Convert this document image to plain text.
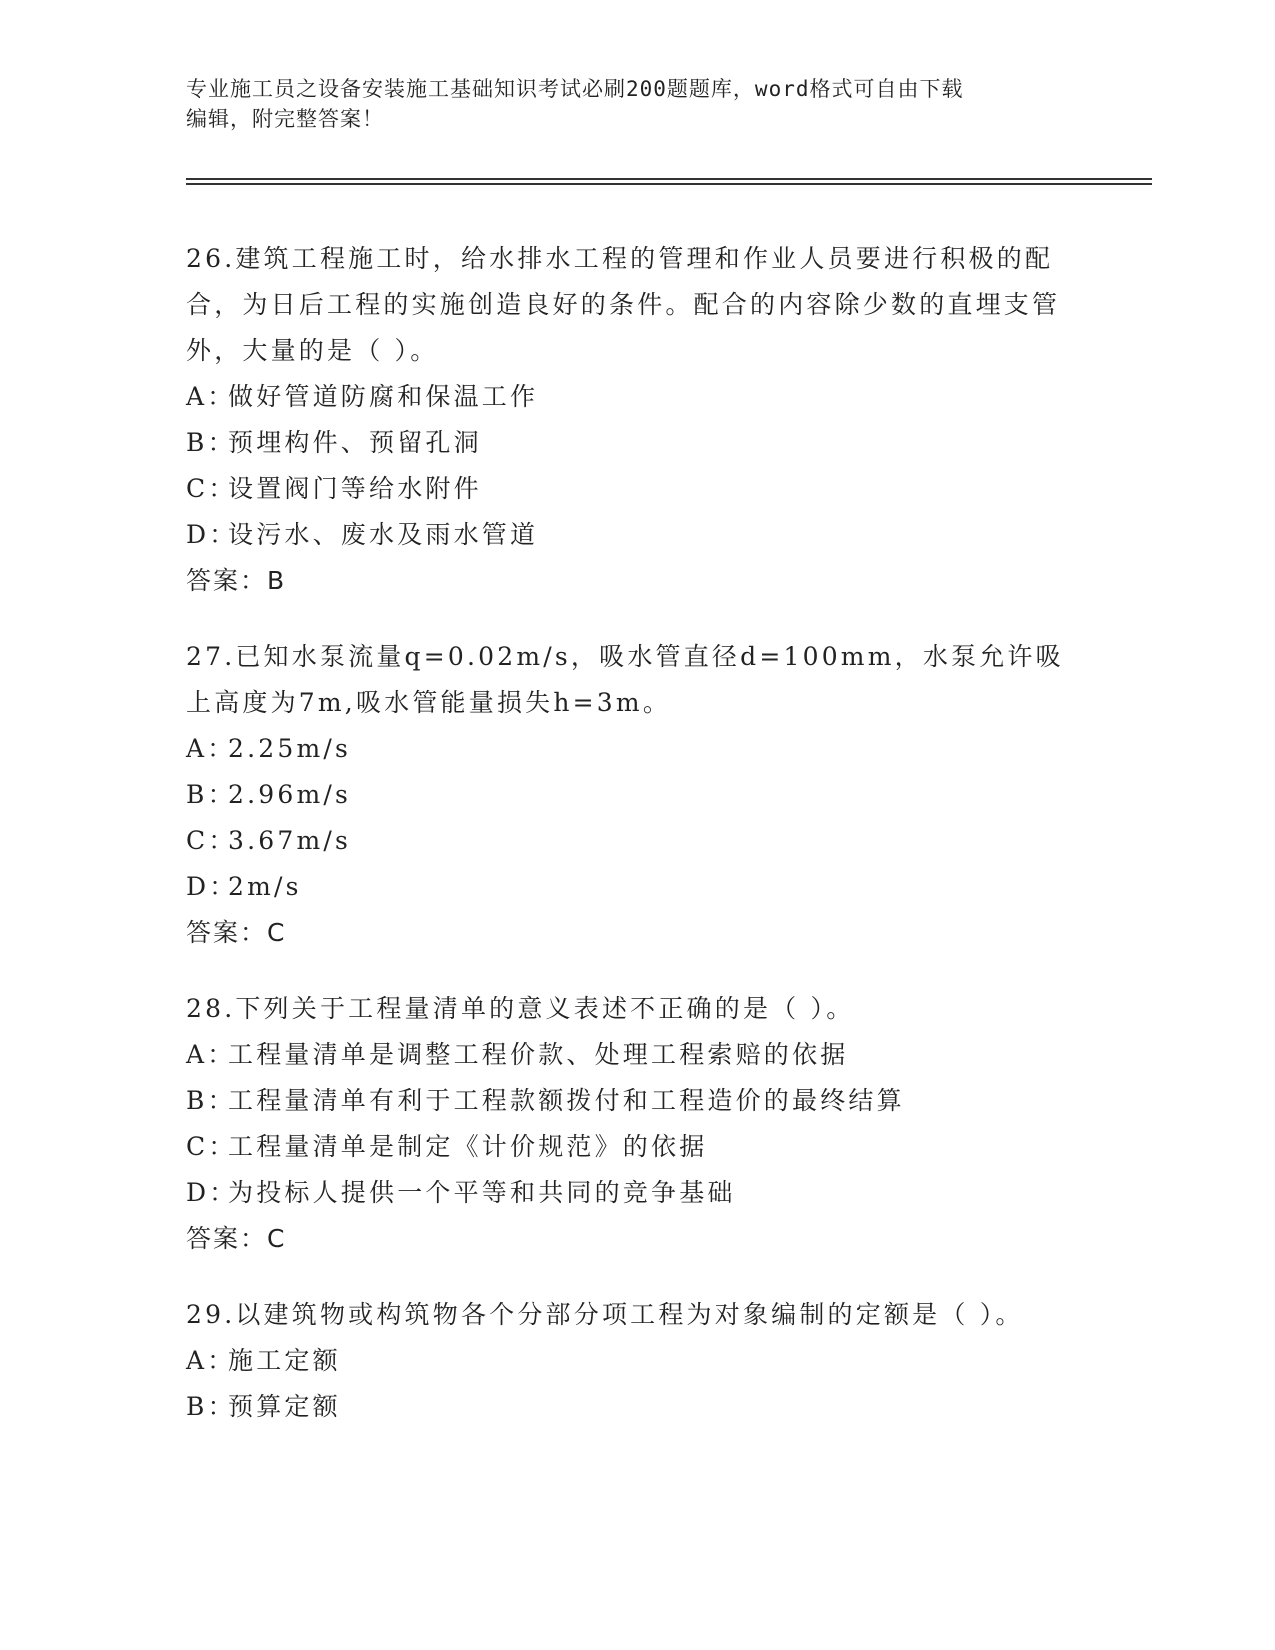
专业施工员之设备安装施工基础知识考试必刷200题题库，word格式可自由下载
编辑，附完整答案！

26.建筑工程施工时，给水排水工程的管理和作业人员要进行积极的配合，为日后工程的实施创造良好的条件。配合的内容除少数的直埋支管外，大量的是（ ）。

A：做好管道防腐和保温工作
B：预埋构件、预留孔洞
C：设置阀门等给水附件
D：设污水、废水及雨水管道

答案：B

27.已知水泵流量q=0.02m/s，吸水管直径d=100mm，水泵允许吸上高度为7m,吸水管能量损失h=3m。

A：2.25m/s
B：2.96m/s
C：3.67m/s
D：2m/s

答案：C

28.下列关于工程量清单的意义表述不正确的是（ ）。

A：工程量清单是调整工程价款、处理工程索赔的依据
B：工程量清单有利于工程款额拨付和工程造价的最终结算
C：工程量清单是制定《计价规范》的依据
D：为投标人提供一个平等和共同的竞争基础

答案：C

29.以建筑物或构筑物各个分部分项工程为对象编制的定额是（ ）。

A：施工定额
B：预算定额
